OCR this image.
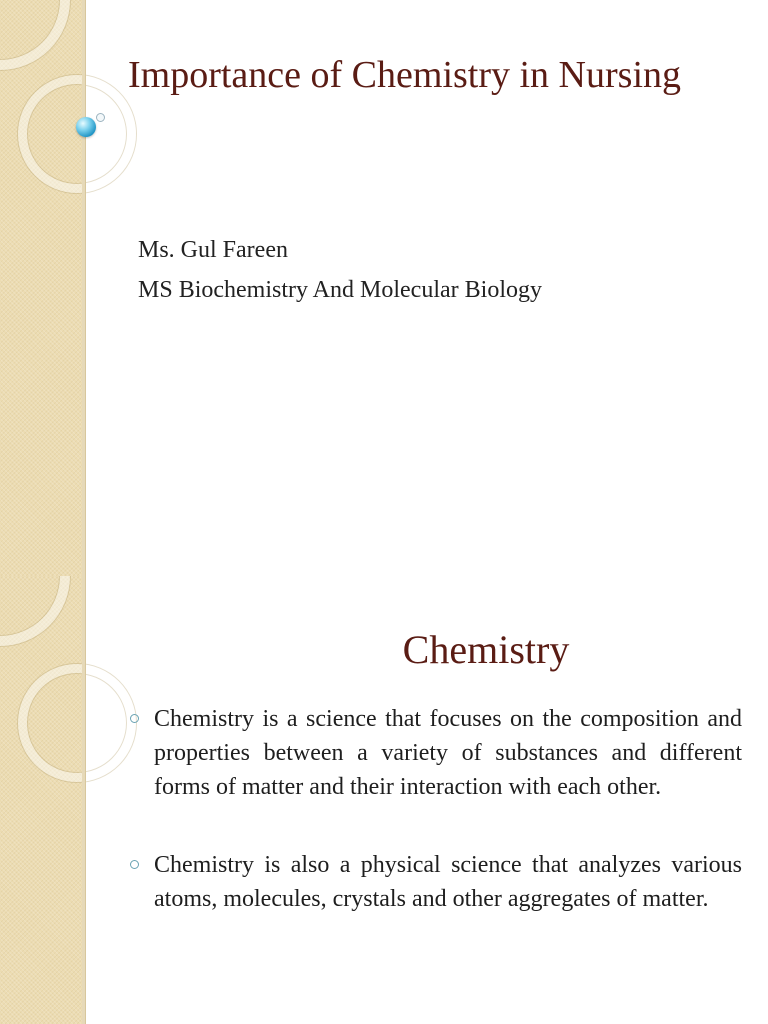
Importance of Chemistry in Nursing

Ms. Gul Fareen

MS Biochemistry And Molecular Biology

Chemistry
Chemistry is a science that focuses on the composition and properties between a variety of substances and different forms of matter and their interaction with each other.
Chemistry is also a physical science that analyzes various atoms, molecules, crystals and other aggregates of matter.
